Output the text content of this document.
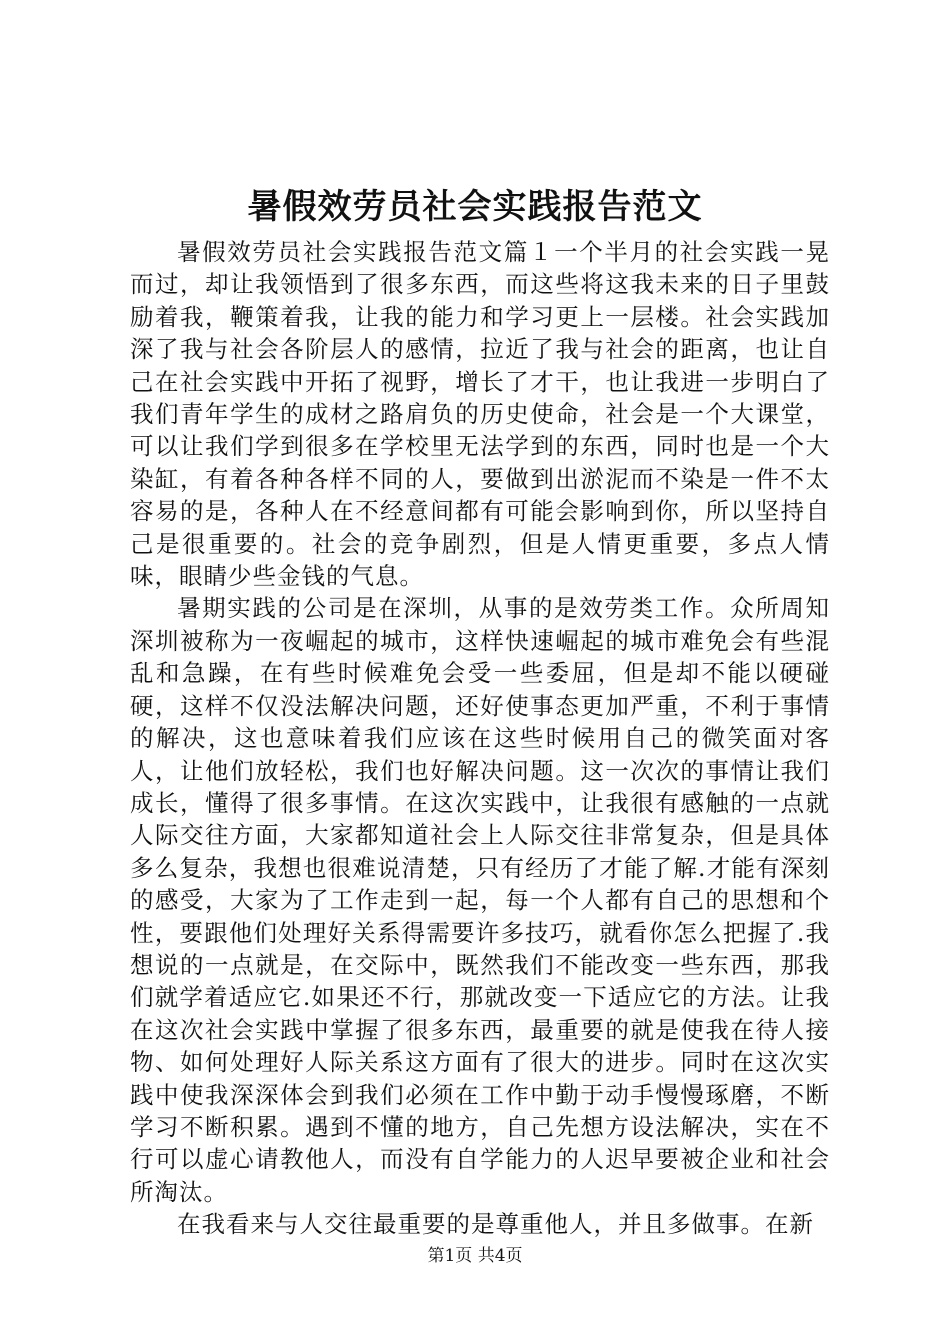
暑假效劳员社会实践报告范文

暑假效劳员社会实践报告范文篇１一个半月的社会实践一晃而过，却让我领悟到了很多东西，而这些将这我未来的日子里鼓励着我，鞭策着我，让我的能力和学习更上一层楼。社会实践加深了我与社会各阶层人的感情，拉近了我与社会的距离，也让自己在社会实践中开拓了视野，增长了才干，也让我进一步明白了我们青年学生的成材之路肩负的历史使命，社会是一个大课堂，可以让我们学到很多在学校里无法学到的东西，同时也是一个大染缸，有着各种各样不同的人，要做到出淤泥而不染是一件不太容易的是，各种人在不经意间都有可能会影响到你，所以坚持自己是很重要的。社会的竞争剧烈，但是人情更重要，多点人情味，眼睛少些金钱的气息。

暑期实践的公司是在深圳，从事的是效劳类工作。众所周知深圳被称为一夜崛起的城市，这样快速崛起的城市难免会有些混乱和急躁，在有些时候难免会受一些委屈，但是却不能以硬碰硬，这样不仅没法解决问题，还好使事态更加严重，不利于事情的解决，这也意味着我们应该在这些时候用自己的微笑面对客人，让他们放轻松，我们也好解决问题。这一次次的事情让我们成长，懂得了很多事情。在这次实践中，让我很有感触的一点就人际交往方面，大家都知道社会上人际交往非常复杂，但是具体多么复杂，我想也很难说清楚，只有经历了才能了解.才能有深刻的感受，大家为了工作走到一起，每一个人都有自己的思想和个性，要跟他们处理好关系得需要许多技巧，就看你怎么把握了.我想说的一点就是，在交际中，既然我们不能改变一些东西，那我们就学着适应它.如果还不行，那就改变一下适应它的方法。让我在这次社会实践中掌握了很多东西，最重要的就是使我在待人接物、如何处理好人际关系这方面有了很大的进步。同时在这次实践中使我深深体会到我们必须在工作中勤于动手慢慢琢磨，不断学习不断积累。遇到不懂的地方，自己先想方设法解决，实在不行可以虚心请教他人，而没有自学能力的人迟早要被企业和社会所淘汰。

在我看来与人交往最重要的是尊重他人，并且多做事。在新

第1页 共4页
